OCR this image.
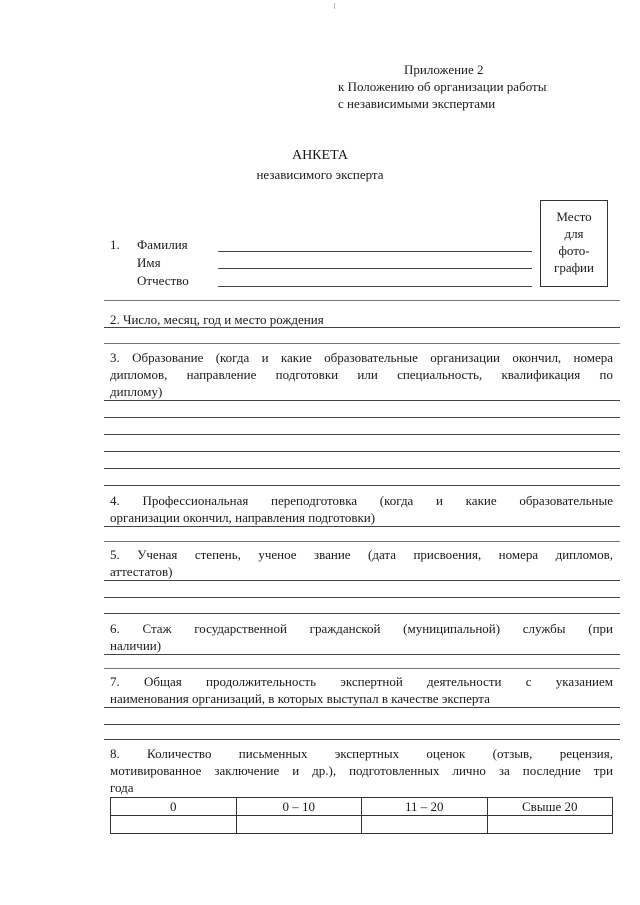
Приложение 2
к Положению об организации работы
с независимыми экспертами
АНКЕТА
независимого эксперта
Место
для
фото-
графии
1. Фамилия
Имя
Отчество
2. Число, месяц, год и место рождения
3. Образование (когда и какие образовательные организации окончил, номера
дипломов, направление подготовки или специальность, квалификация по
диплому)
4. Профессиональная переподготовка (когда и какие образовательные
организации окончил, направления подготовки)
5. Ученая степень, ученое звание (дата присвоения, номера дипломов,
аттестатов)
6. Стаж государственной гражданской (муниципальной) службы (при
наличии)
7. Общая продолжительность экспертной деятельности с указанием
наименования организаций, в которых выступал в качестве эксперта
8. Количество письменных экспертных оценок (отзыв, рецензия,
мотивированное заключение и др.), подготовленных лично за последние три
года
0	0 – 10	11 – 20	Свыше 20
